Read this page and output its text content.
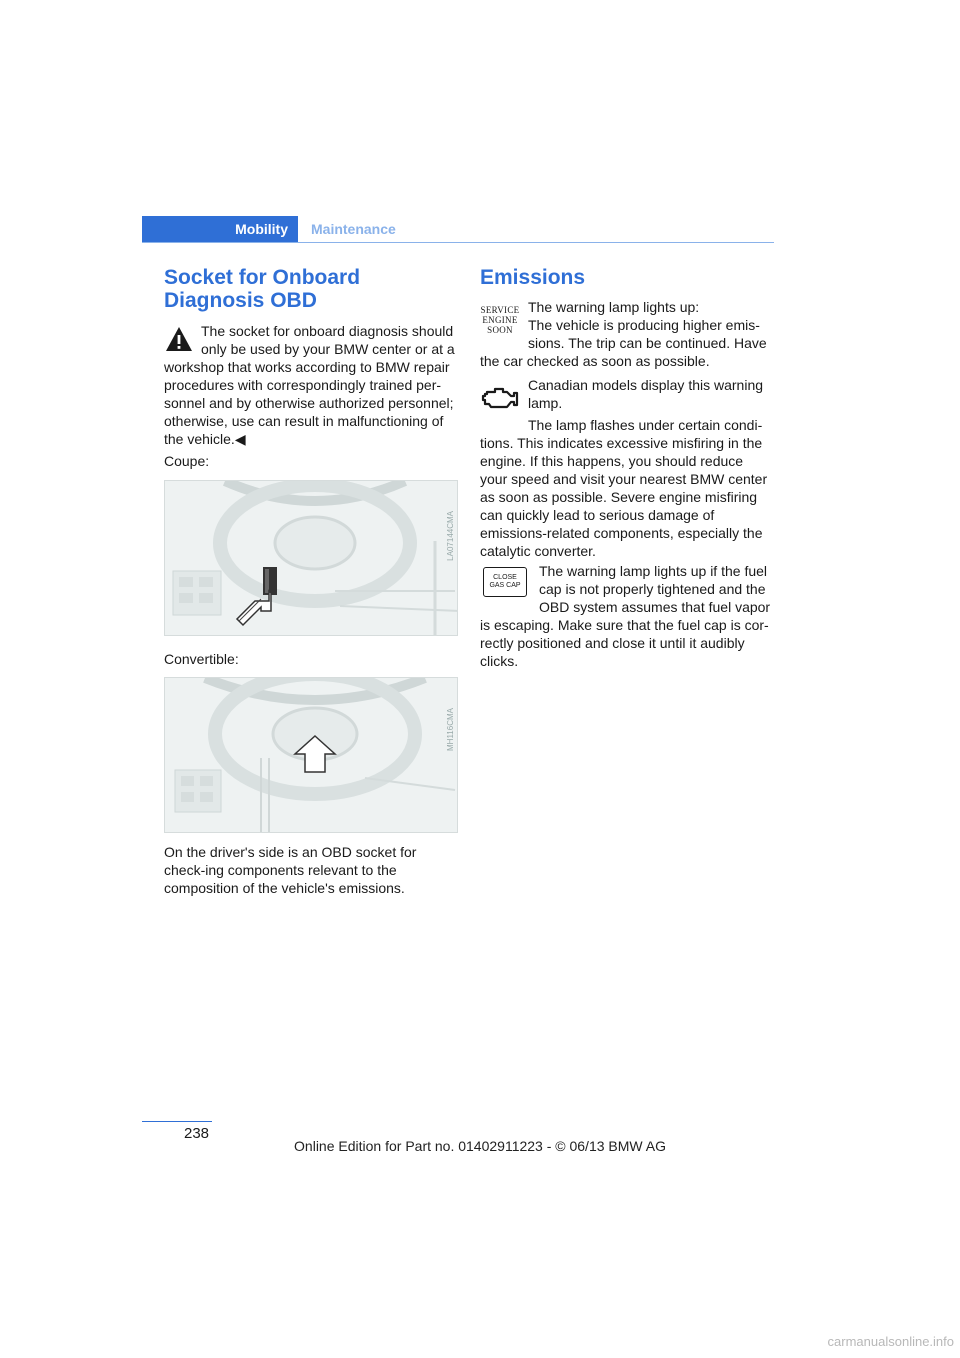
Mobility	Maintenance
Socket for Onboard
Diagnosis OBD
The socket for onboard diagnosis should
only be used by your BMW center or at a
workshop that works according to BMW repair procedures with correspondingly trained per-sonnel and by otherwise authorized personnel; otherwise, use can result in malfunctioning of the vehicle.◀
Coupe:
LA07144CMA
Convertible:
MH116CMA
On the driver's side is an OBD socket for check-ing components relevant to the composition of the vehicle's emissions.
Emissions
SERVICE
ENGINE
SOON
The warning lamp lights up:
The vehicle is producing higher emis-
sions. The trip can be continued. Have
the car checked as soon as possible.
Canadian models display this warning
lamp.
The lamp flashes under certain condi-
tions. This indicates excessive misfiring in the engine. If this happens, you should reduce your speed and visit your nearest BMW center as soon as possible. Severe engine misfiring can quickly lead to serious damage of emissions-related components, especially the catalytic converter.
CLOSE
GAS CAP
The warning lamp lights up if the fuel
cap is not properly tightened and the
OBD system assumes that fuel vapor
is escaping. Make sure that the fuel cap is cor-rectly positioned and close it until it audibly clicks.
238
Online Edition for Part no. 01402911223 - © 06/13 BMW AG
carmanualsonline.info
